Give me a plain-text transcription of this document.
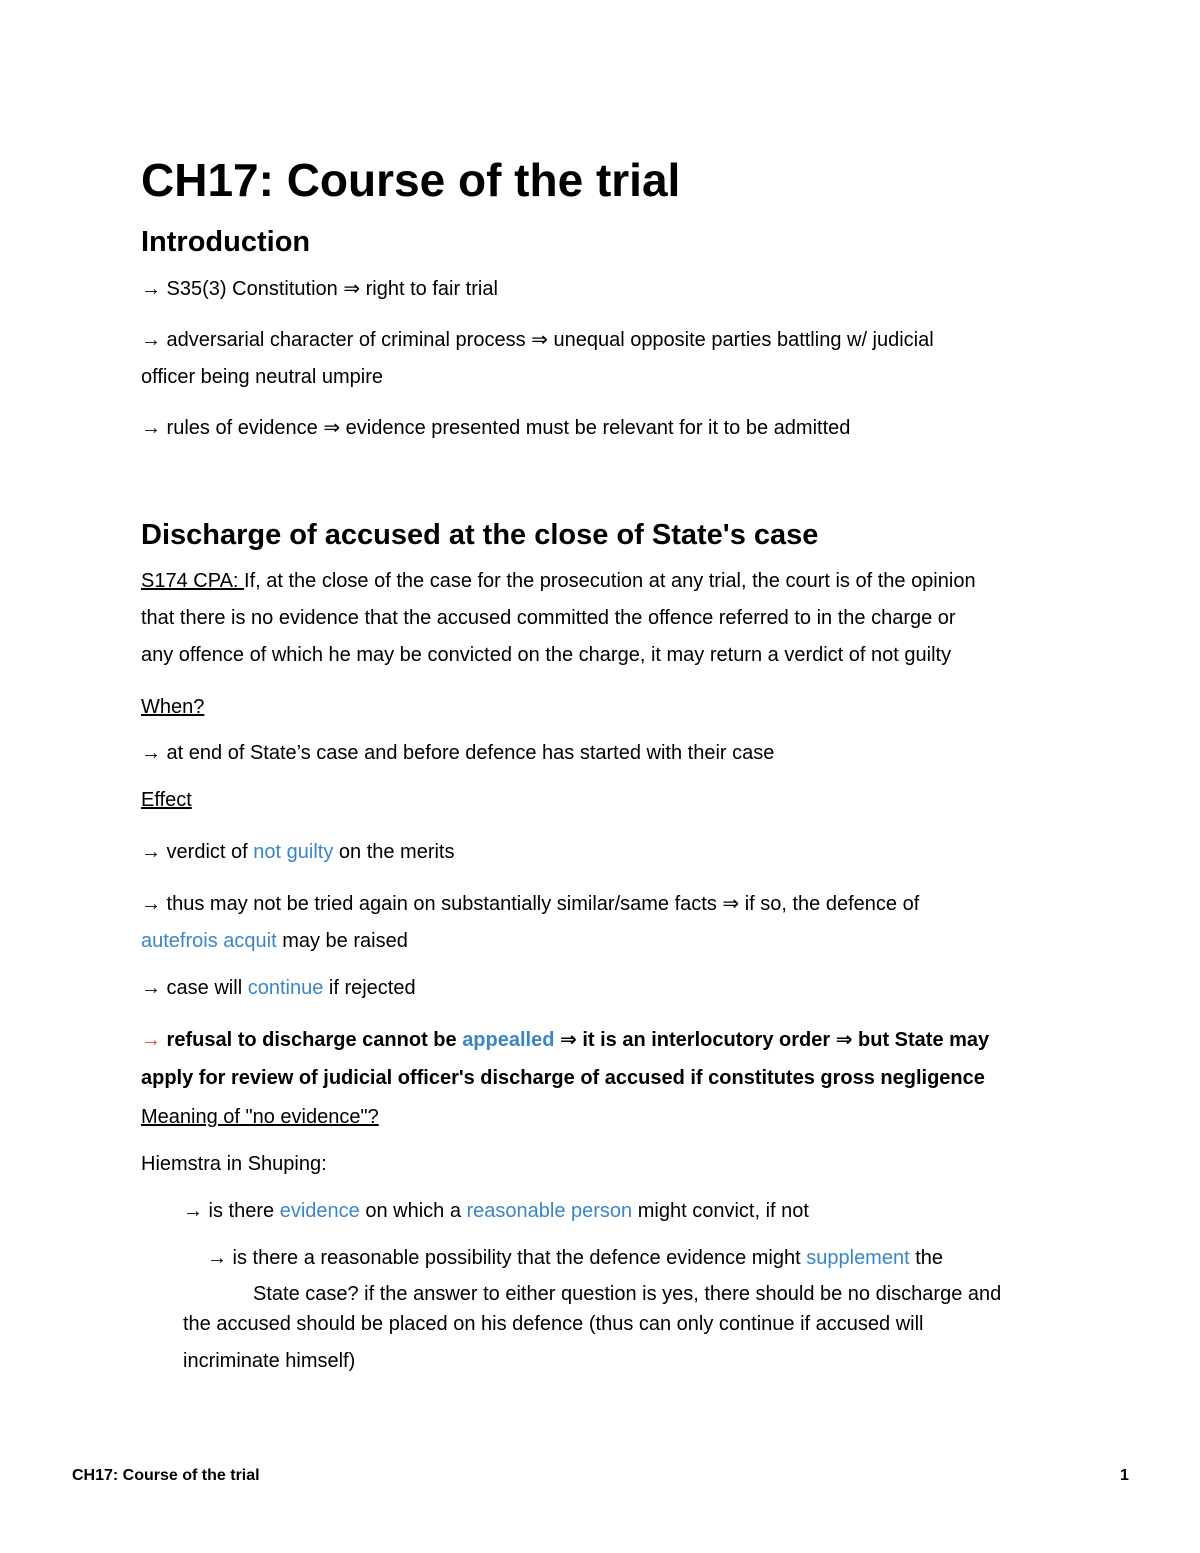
CH17: Course of the trial

Introduction

→ S35(3) Constitution ⇒ right to fair trial

→ adversarial character of criminal process ⇒ unequal opposite parties battling w/ judicial

officer being neutral umpire

→ rules of evidence ⇒ evidence presented must be relevant for it to be admitted

Discharge of accused at the close of State's case

S174 CPA: If, at the close of the case for the prosecution at any trial, the court is of the opinion

that there is no evidence that the accused committed the offence referred to in the charge or

any offence of which he may be convicted on the charge, it may return a verdict of not guilty

When?

→ at end of State’s case and before defence has started with their case

Effect

→ verdict of not guilty on the merits

→ thus may not be tried again on substantially similar/same facts ⇒ if so, the defence of

autefrois acquit may be raised

→ case will continue if rejected

→ refusal to discharge cannot be appealled ⇒ it is an interlocutory order ⇒ but State may

apply for review of judicial officer's discharge of accused if constitutes gross negligence

Meaning of "no evidence"?

Hiemstra in Shuping:

→ is there evidence on which a reasonable person might convict, if not

→ is there a reasonable possibility that the defence evidence might supplement the

State case? if the answer to either question is yes, there should be no discharge and

the accused should be placed on his defence (thus can only continue if accused will

incriminate himself)

CH17: Course of the trial	1
